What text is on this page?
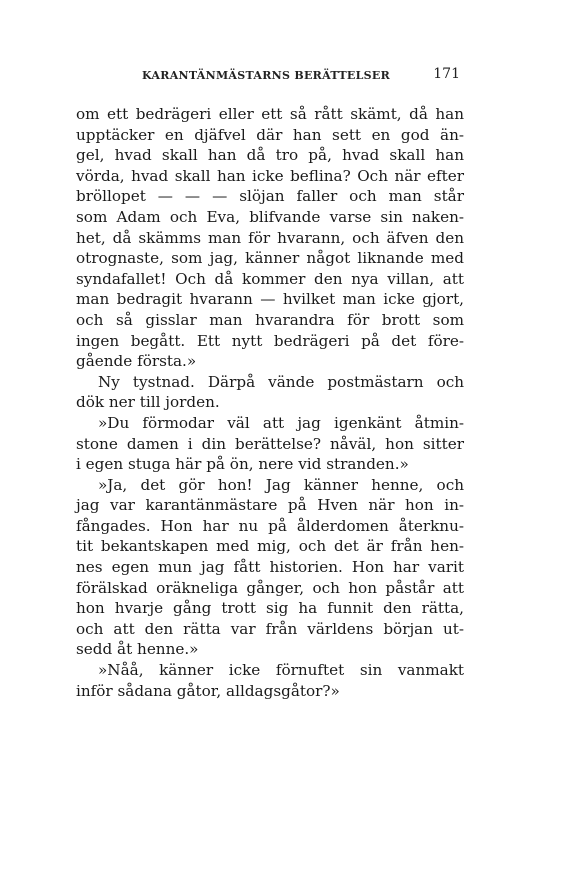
KARANTÄNMÄSTARNS BERÄTTELSER	171
om ett bedrägeri eller ett så rått skämt, då han
upptäcker en djäfvel där han sett en god än-
gel, hvad skall han då tro på, hvad skall han
vörda, hvad skall han icke beflina? Och när efter
bröllopet — — — slöjan faller och man står
som Adam och Eva, blifvande varse sin naken-
het, då skämms man för hvarann, och äfven den
otrognaste, som jag, känner något liknande med
syndafallet! Och då kommer den nya villan, att
man bedragit hvarann — hvilket man icke gjort,
och så gisslar man hvarandra för brott som
ingen begått. Ett nytt bedrägeri på det före-
gående första.»
Ny tystnad. Därpå vände postmästarn och
dök ner till jorden.
»Du förmodar väl att jag igenkänt åtmin-
stone damen i din berättelse? nåväl, hon sitter
i egen stuga här på ön, nere vid stranden.»
»Ja, det gör hon! Jag känner henne, och
jag var karantänmästare på Hven när hon in-
fångades. Hon har nu på ålderdomen återknu-
tit bekantskapen med mig, och det är från hen-
nes egen mun jag fått historien. Hon har varit
förälskad oräkneliga gånger, och hon påstår att
hon hvarje gång trott sig ha funnit den rätta,
och att den rätta var från världens början ut-
sedd åt henne.»
»Nåå, känner icke förnuftet sin vanmakt
inför sådana gåtor, alldagsgåtor?»
